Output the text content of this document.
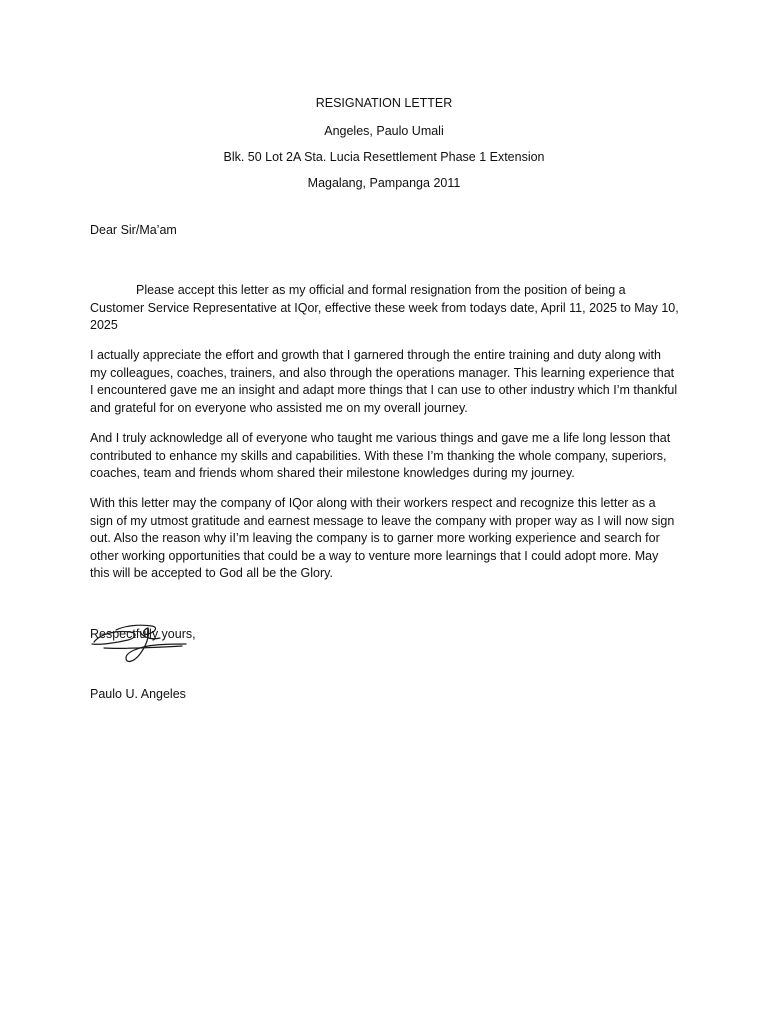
RESIGNATION LETTER
Angeles, Paulo Umali
Blk. 50 Lot 2A Sta. Lucia Resettlement Phase 1 Extension
Magalang, Pampanga 2011

Dear Sir/Ma’am

Please accept this letter as my official and formal resignation from the position of being a Customer Service Representative at IQor, effective these week from todays date, April 11, 2025 to May 10, 2025

I actually appreciate the effort and growth that I garnered through the entire training and duty along with my colleagues, coaches, trainers, and also through the operations manager. This learning experience that I encountered gave me an insight and adapt more things that I can use to other industry which I’m thankful and grateful for on everyone who assisted me on my overall journey.

And I truly acknowledge all of everyone who taught me various things and gave me a life long lesson that contributed to enhance my skills and capabilities. With these I’m thanking the whole company, superiors, coaches, team and friends whom shared their milestone knowledges during my journey.

With this letter may the company of IQor along with their workers respect and recognize this letter as a sign of my utmost gratitude and earnest message to leave the company with proper way as I will now sign out. Also the reason why iI’m leaving the company is to garner more working experience and search for other working opportunities that could be a way to venture more learnings that I could adopt more. May this will be accepted to God all be the Glory.

Respectfully yours,
Paulo U. Angeles
